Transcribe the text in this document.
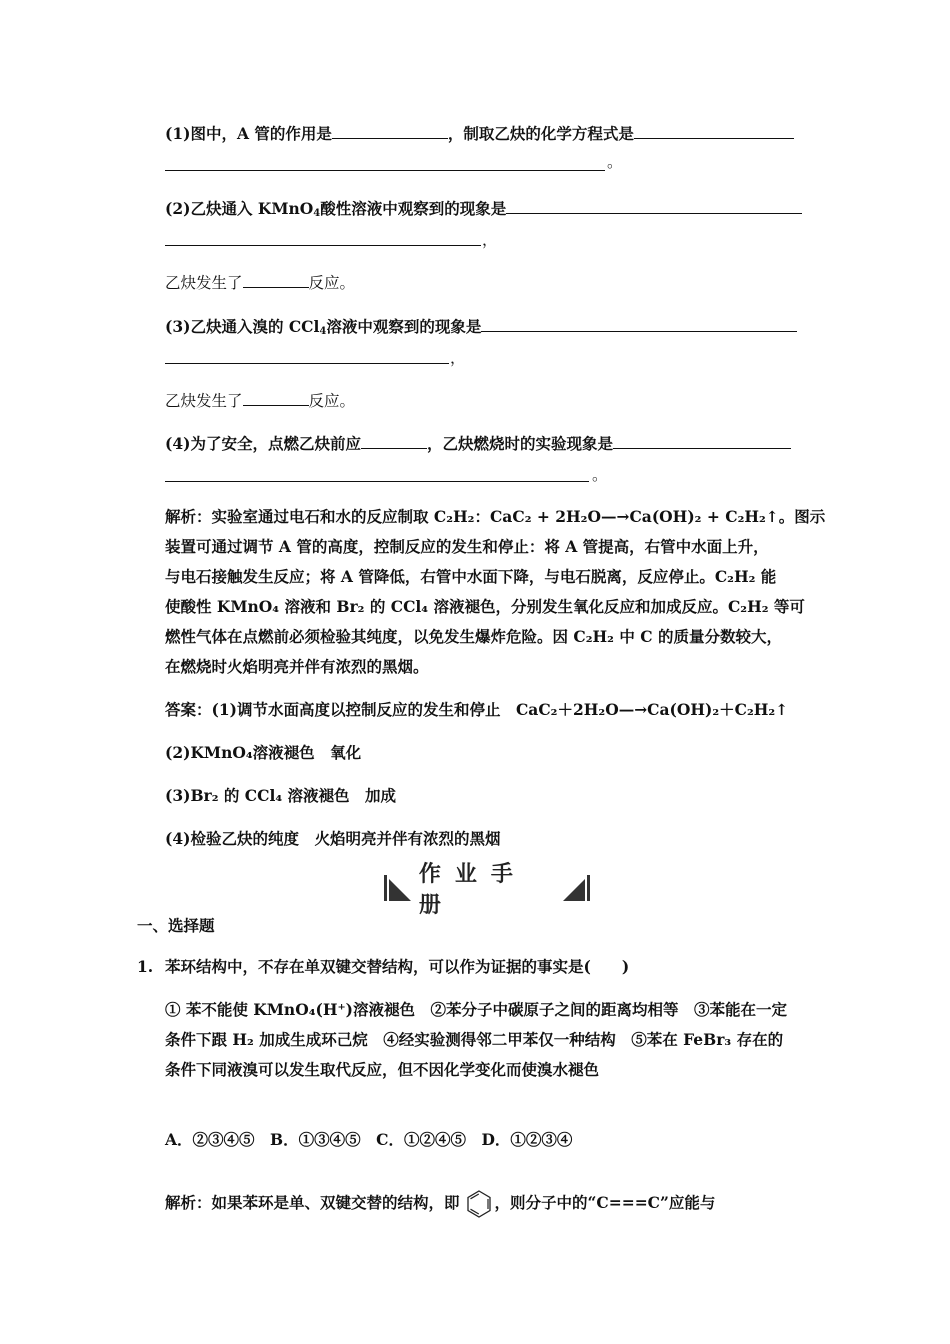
(1)图中，A 管的作用是	，制取乙炔的化学方程式是
。
(2)乙炔通入 KMnO$_4$酸性溶液中观察到的现象是
，
乙炔发生了	反应。
(3)乙炔通入溴的 CCl$_4$溶液中观察到的现象是
，
乙炔发生了	反应。
(4)为了安全，点燃乙炔前应	，乙炔燃烧时的实验现象是
。
解析：实验室通过电石和水的反应制取 C₂H₂：CaC₂ + 2H₂O—→Ca(OH)₂ + C₂H₂↑。图示
装置可通过调节 A 管的高度，控制反应的发生和停止：将 A 管提高，右管中水面上升，
与电石接触发生反应；将 A 管降低，右管中水面下降，与电石脱离，反应停止。C₂H₂ 能
使酸性 KMnO₄ 溶液和 Br₂ 的 CCl₄ 溶液褪色，分别发生氧化反应和加成反应。C₂H₂ 等可
燃性气体在点燃前必须检验其纯度，以免发生爆炸危险。因 C₂H₂ 中 C 的质量分数较大，
在燃烧时火焰明亮并伴有浓烈的黑烟。
答案：(1)调节水面高度以控制反应的发生和停止　CaC₂＋2H₂O—→Ca(OH)₂＋C₂H₂↑
(2)KMnO₄溶液褪色　氧化
(3)Br₂ 的 CCl₄ 溶液褪色　加成
(4)检验乙炔的纯度　火焰明亮并伴有浓烈的黑烟
作业手册
一、选择题
1. 苯环结构中，不存在单双键交替结构，可以作为证据的事实是(　　)
① 苯不能使 KMnO₄(H⁺)溶液褪色　②苯分子中碳原子之间的距离均相等　③苯能在一定
条件下跟 H₂ 加成生成环己烷　④经实验测得邻二甲苯仅一种结构　⑤苯在 FeBr₃ 存在的
条件下同液溴可以发生取代反应，但不因化学变化而使溴水褪色
A．②③④⑤　B．①③④⑤　C．①②④⑤　D．①②③④
解析：如果苯环是单、双键交替的结构，即 ，则分子中的“C===C”应能与
